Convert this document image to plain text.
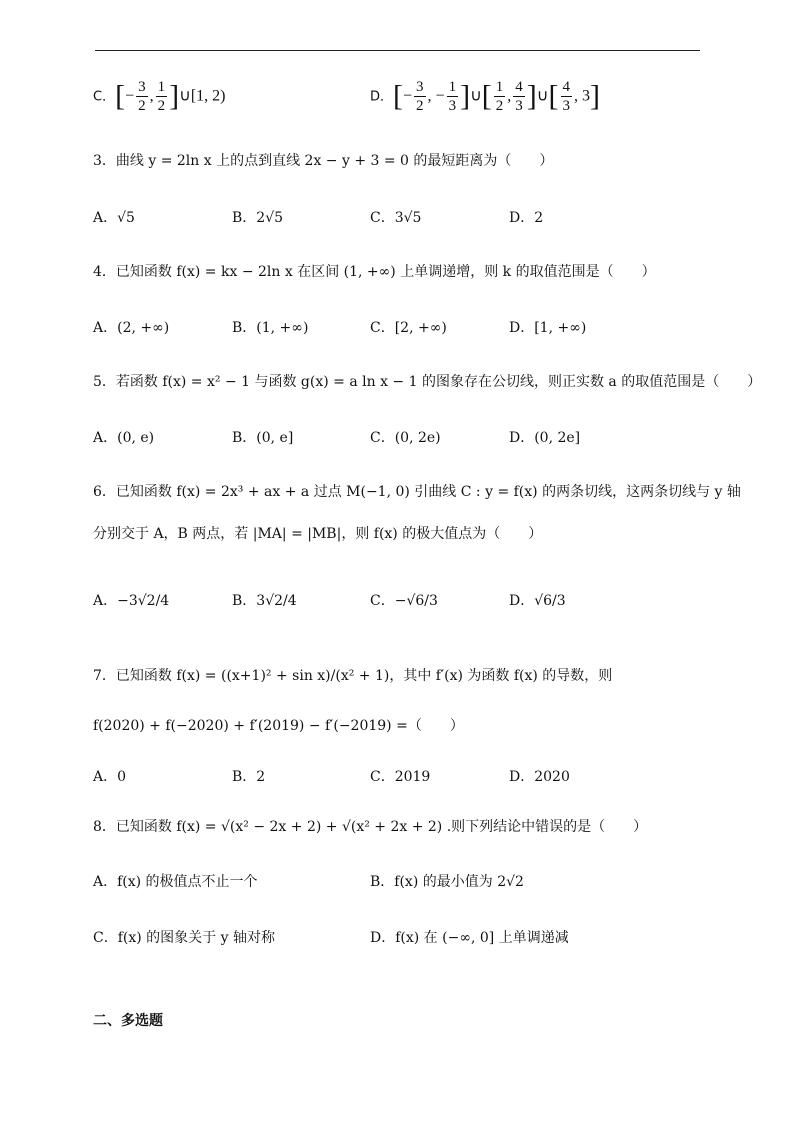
C．[− $\frac{3}{2}$ , $\frac{1}{2}$ ]∪[1, 2)	D．[− $\frac{3}{2}$ , − $\frac{1}{3}$ ]∪[ $\frac{1}{2}$ , $\frac{4}{3}$ ]∪[ $\frac{4}{3}$ , 3]
3．曲线 y = 2ln x 上的点到直线 2x − y + 3 = 0 的最短距离为（　　）
A．√5	B．2√5	C．3√5	D．2
4．已知函数 f(x) = kx − 2ln x 在区间 (1, +∞) 上单调递增，则 k 的取值范围是（　　）
A．(2, +∞)	B．(1, +∞)	C．[2, +∞)	D．[1, +∞)
5．若函数 f(x) = x² − 1 与函数 g(x) = a ln x − 1 的图象存在公切线，则正实数 a 的取值范围是（　　）
A．(0, e)	B．(0, e]	C．(0, 2e)	D．(0, 2e]
6．已知函数 f(x) = 2x³ + ax + a 过点 M(−1, 0) 引曲线 C : y = f(x) 的两条切线，这两条切线与 y 轴
分别交于 A，B 两点，若 |MA| = |MB|，则 f(x) 的极大值点为（　　）
A．−3√2/4	B．3√2/4	C．−√6/3	D．√6/3
7．已知函数 f(x) = ((x+1)² + sin x)/(x² + 1)，其中 f′(x) 为函数 f(x) 的导数，则
f(2020) + f(−2020) + f′(2019) − f′(−2019) =（　　）
A．0	B．2	C．2019	D．2020
8．已知函数 f(x) = √(x² − 2x + 2) + √(x² + 2x + 2) .则下列结论中错误的是（　　）
A．f(x) 的极值点不止一个	B．f(x) 的最小值为 2√2
C．f(x) 的图象关于 y 轴对称	D．f(x) 在 (−∞, 0] 上单调递减
二、多选题
